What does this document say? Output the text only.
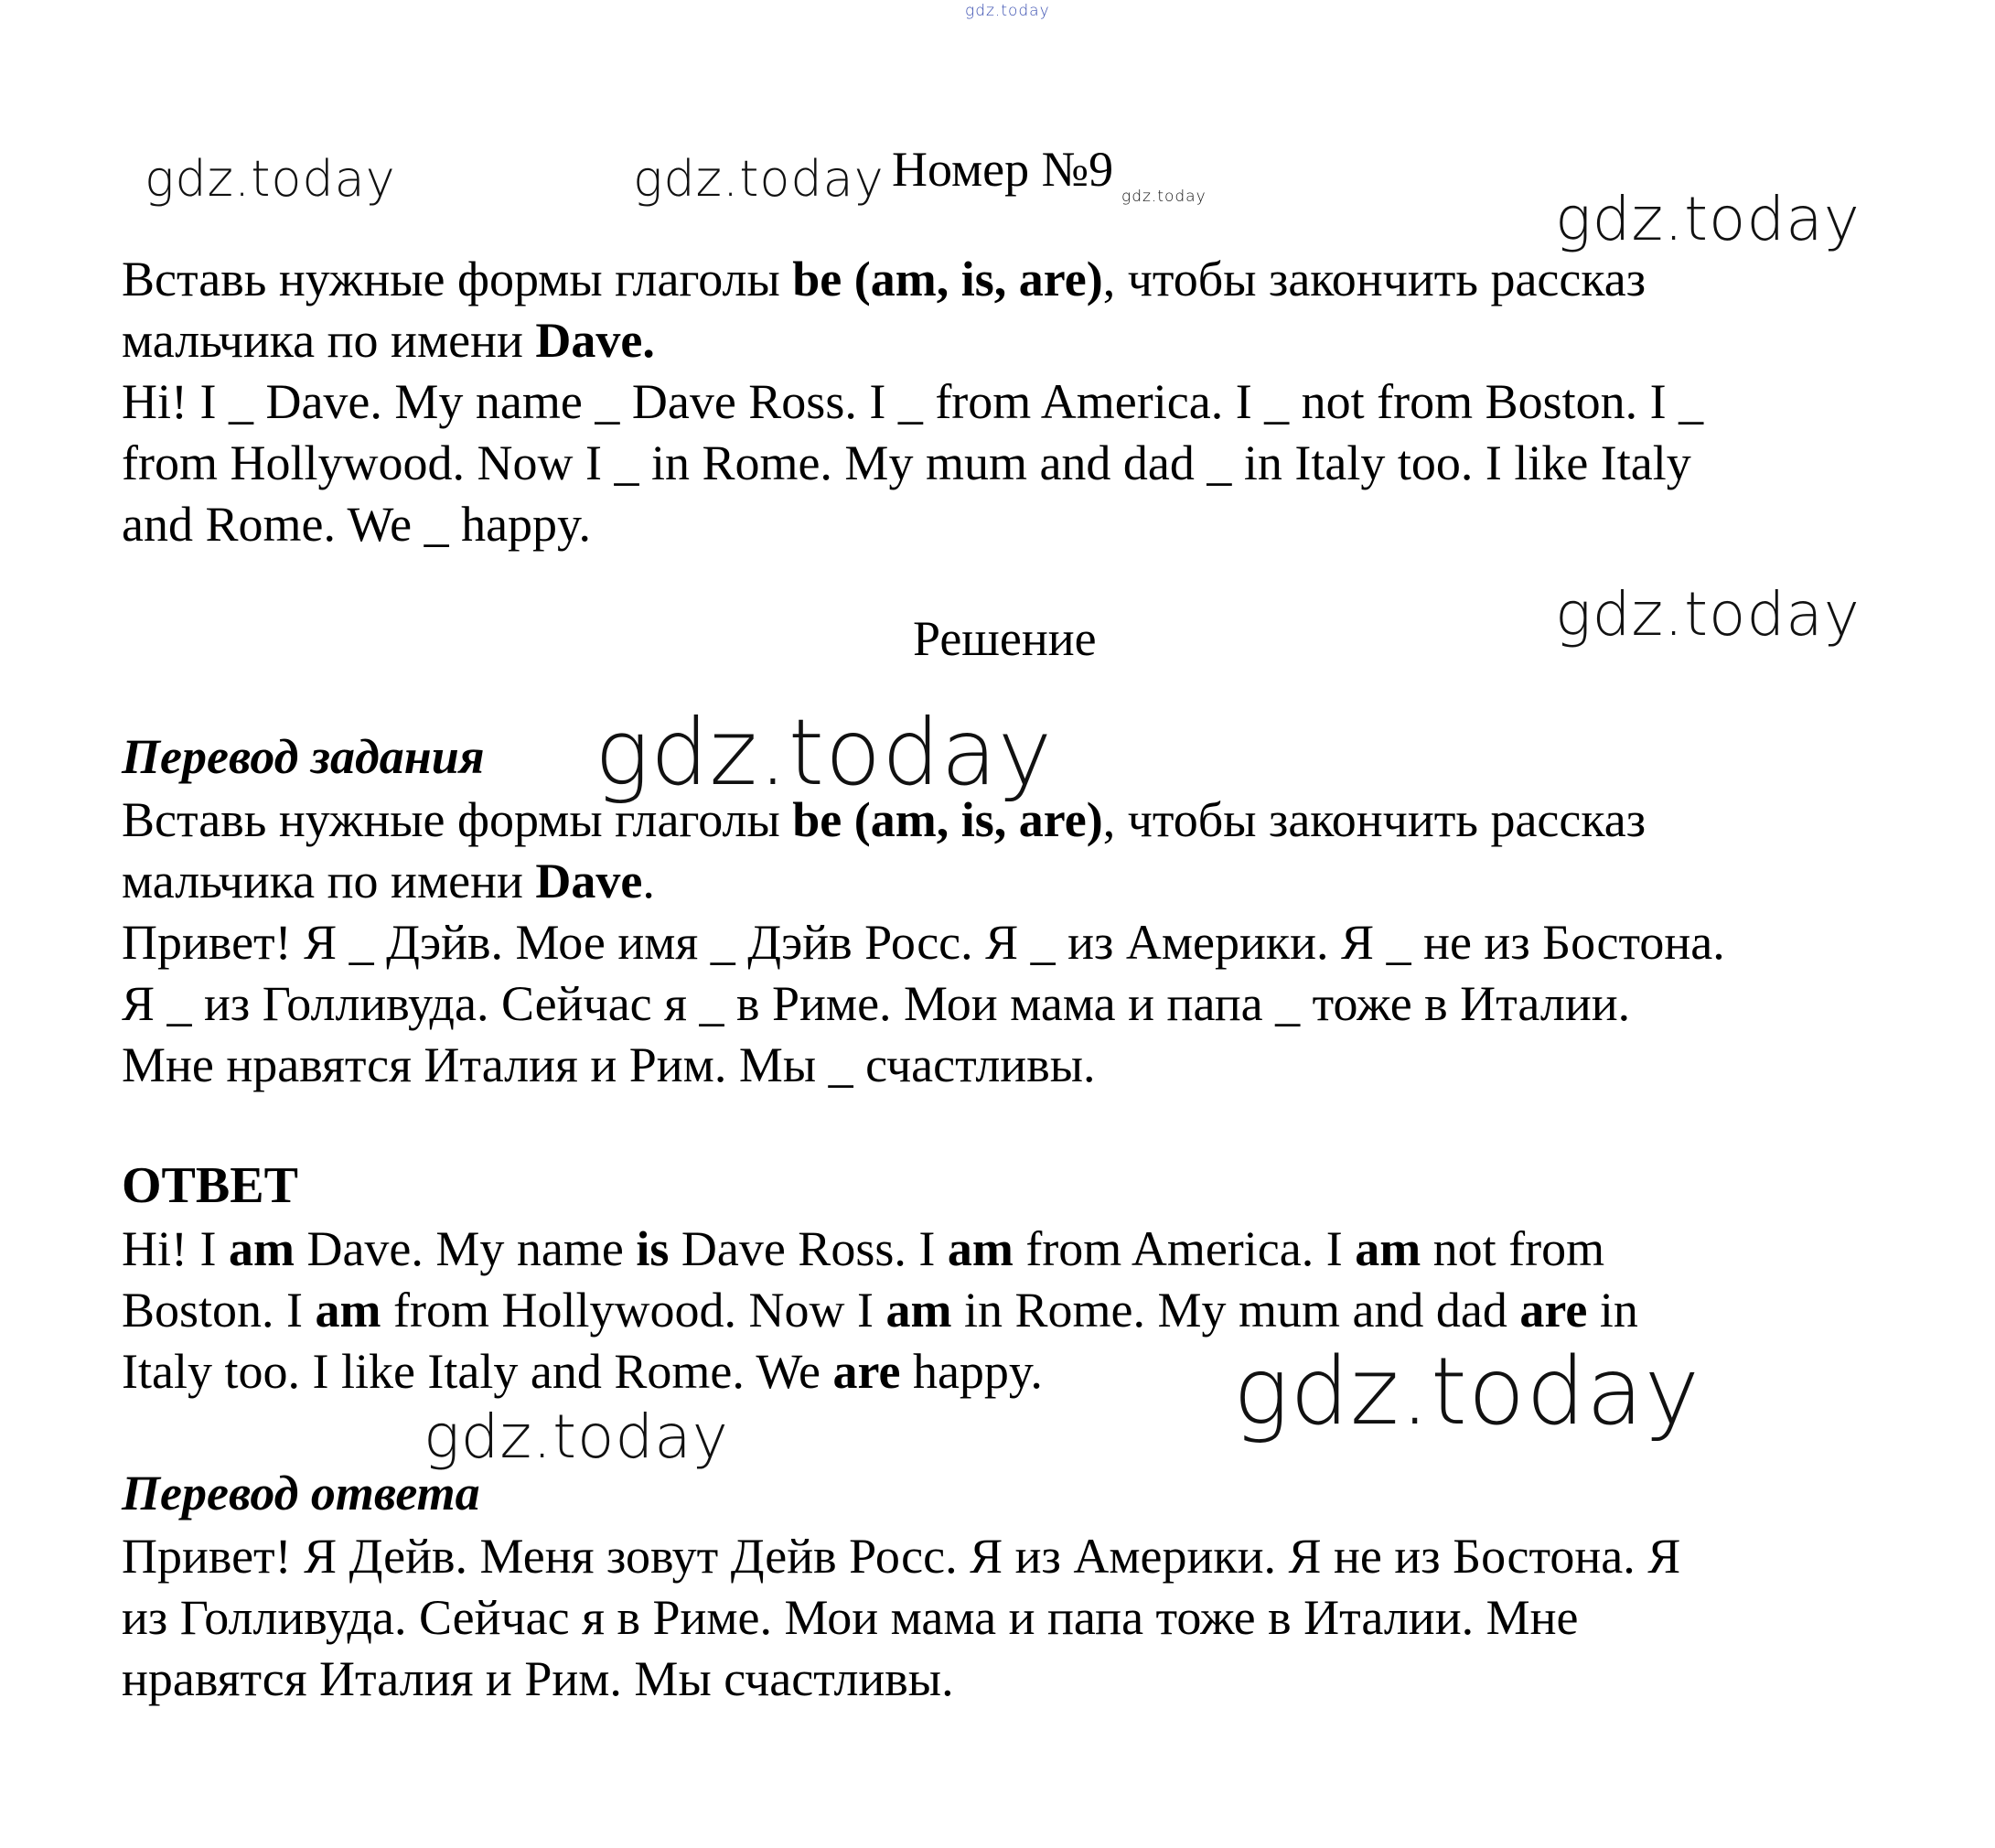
gdz.today
gdz.today	gdz.today	gdz.today	gdz.today
gdz.today
gdz.today
gdz.today
gdz.today
Номер №9
Вставь нужные формы глаголы be (am, is, are), чтобы закончить рассказ
мальчика по имени Dave.
Hi! I _ Dave. My name _ Dave Ross. I _ from America. I _ not from Boston. I _
from Hollywood. Now I _ in Rome. My mum and dad _ in Italy too. I like Italy
and Rome. We _ happy.
Решение
Перевод задания
Вставь нужные формы глаголы be (am, is, are), чтобы закончить рассказ
мальчика по имени Dave.
Привет! Я _ Дэйв. Мое имя _ Дэйв Росс. Я _ из Америки. Я _ не из Бостона.
Я _ из Голливуда. Сейчас я _ в Риме. Мои мама и папа _ тоже в Италии.
Мне нравятся Италия и Рим. Мы _ счастливы.
ОТВЕТ
Hi! I am Dave. My name is Dave Ross. I am from America. I am not from
Boston. I am from Hollywood. Now I am in Rome. My mum and dad are in
Italy too. I like Italy and Rome. We are happy.
Перевод ответа
Привет! Я Дейв. Меня зовут Дейв Росс. Я из Америки. Я не из Бостона. Я
из Голливуда. Сейчас я в Риме. Мои мама и папа тоже в Италии. Мне
нравятся Италия и Рим. Мы счастливы.
